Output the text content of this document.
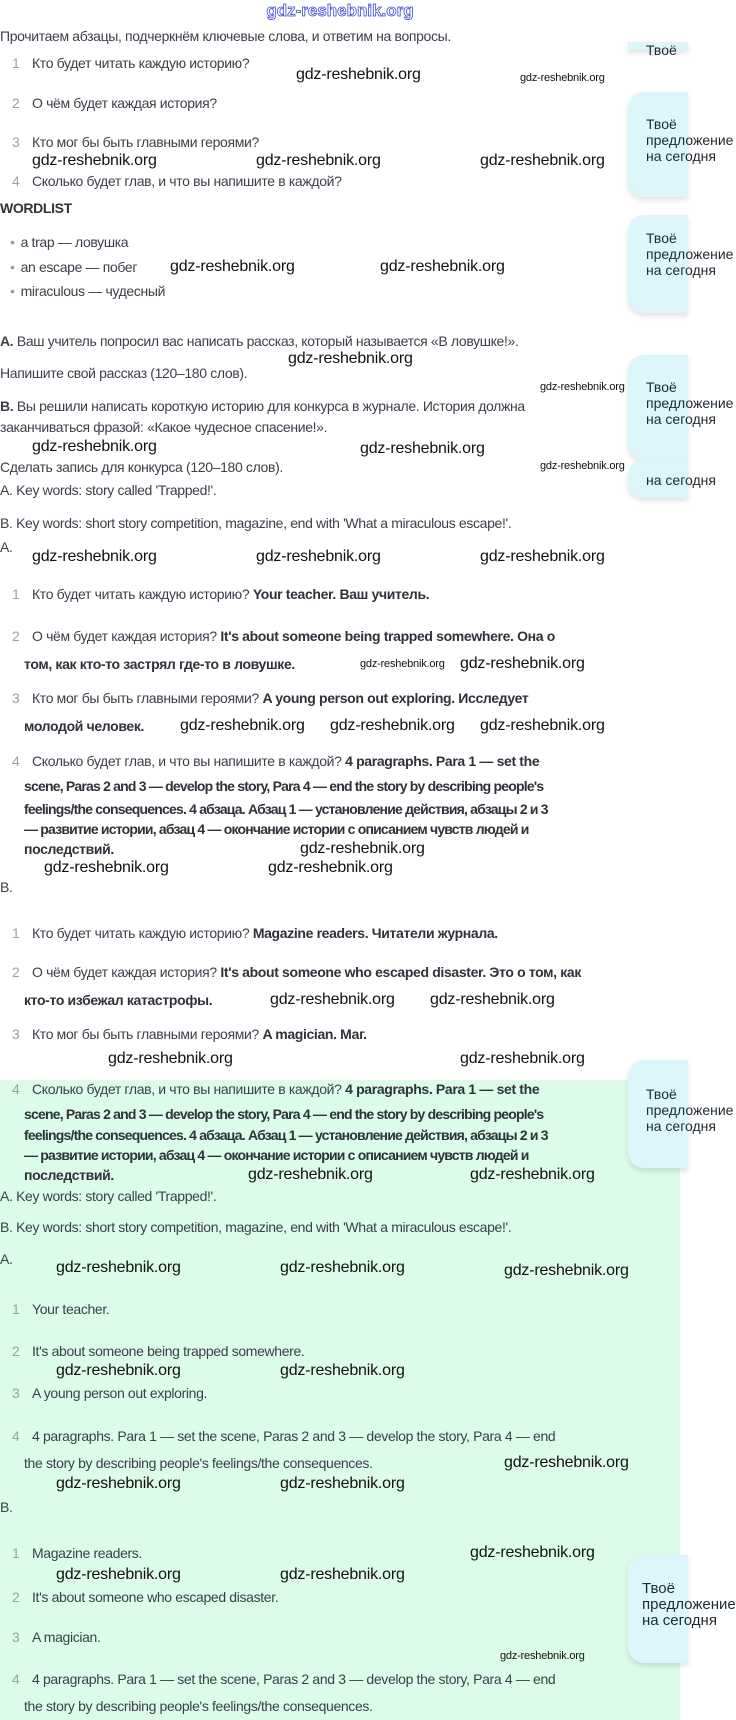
gdz-reshebnik.org
Прочитаем абзацы, подчеркнём ключевые слова, и ответим на вопросы.
1 Кто будет читать каждую историю?
2 О чём будет каждая история?
3 Кто мог бы быть главными героями?
4 Сколько будет глав, и что вы напишите в каждой?
WORDLIST
• a trap — ловушка
• an escape — побег
• miraculous — чудесный
A. Ваш учитель попросил вас написать рассказ, который называется «В ловушке!».
Напишите свой рассказ (120–180 слов).
B. Вы решили написать короткую историю для конкурса в журнале. История должна
заканчиваться фразой: «Какое чудесное спасение!».
Сделать запись для конкурса (120–180 слов).
A. Key words: story called 'Trapped!'.
B. Key words: short story competition, magazine, end with 'What a miraculous escape!'.
A.
1 Кто будет читать каждую историю? Your teacher. Ваш учитель.
2 О чём будет каждая история? It's about someone being trapped somewhere. Она о
том, как кто-то застрял где-то в ловушке.
3 Кто мог бы быть главными героями? A young person out exploring. Исследует
молодой человек.
4 Сколько будет глав, и что вы напишите в каждой? 4 paragraphs. Para 1 — set the
scene, Paras 2 and 3 — develop the story, Para 4 — end the story by describing people's
feelings/the consequences. 4 абзаца. Абзац 1 — установление действия, абзацы 2 и 3
— развитие истории, абзац 4 — окончание истории с описанием чувств людей и
последствий.
B.
1 Кто будет читать каждую историю? Magazine readers. Читатели журнала.
2 О чём будет каждая история? It's about someone who escaped disaster. Это о том, как
кто-то избежал катастрофы.
3 Кто мог бы быть главными героями? A magician. Маг.
4 Сколько будет глав, и что вы напишите в каждой? 4 paragraphs. Para 1 — set the
scene, Paras 2 and 3 — develop the story, Para 4 — end the story by describing people's
feelings/the consequences. 4 абзаца. Абзац 1 — установление действия, абзацы 2 и 3
— развитие истории, абзац 4 — окончание истории с описанием чувств людей и
последствий.
A. Key words: story called 'Trapped!'.
B. Key words: short story competition, magazine, end with 'What a miraculous escape!'.
A.
1 Your teacher.
2 It's about someone being trapped somewhere.
3 A young person out exploring.
4 4 paragraphs. Para 1 — set the scene, Paras 2 and 3 — develop the story, Para 4 — end
the story by describing people's feelings/the consequences.
B.
1 Magazine readers.
2 It's about someone who escaped disaster.
3 A magician.
4 4 paragraphs. Para 1 — set the scene, Paras 2 and 3 — develop the story, Para 4 — end
the story by describing people's feelings/the consequences.
Твоё
Твоё
предложение
на сегодня
Твоё
предложение
на сегодня
Твоё
предложение
на сегодня
на сегодня
Твоё
предложение
на сегодня
Твоё
предложение
на сегодня
gdz-reshebnik.org	gdz-reshebnik.org
gdz-reshebnik.org	gdz-reshebnik.org	gdz-reshebnik.org
gdz-reshebnik.org	gdz-reshebnik.org
gdz-reshebnik.org
gdz-reshebnik.org
gdz-reshebnik.org	gdz-reshebnik.org
gdz-reshebnik.org
gdz-reshebnik.org	gdz-reshebnik.org	gdz-reshebnik.org
gdz-reshebnik.org gdz-reshebnik.org
gdz-reshebnik.org gdz-reshebnik.org gdz-reshebnik.org
gdz-reshebnik.org
gdz-reshebnik.org	gdz-reshebnik.org
gdz-reshebnik.org gdz-reshebnik.org
gdz-reshebnik.org	gdz-reshebnik.org
gdz-reshebnik.org	gdz-reshebnik.org
gdz-reshebnik.org	gdz-reshebnik.org	gdz-reshebnik.org
gdz-reshebnik.org	gdz-reshebnik.org
gdz-reshebnik.org
gdz-reshebnik.org	gdz-reshebnik.org
gdz-reshebnik.org
gdz-reshebnik.org	gdz-reshebnik.org
gdz-reshebnik.org
